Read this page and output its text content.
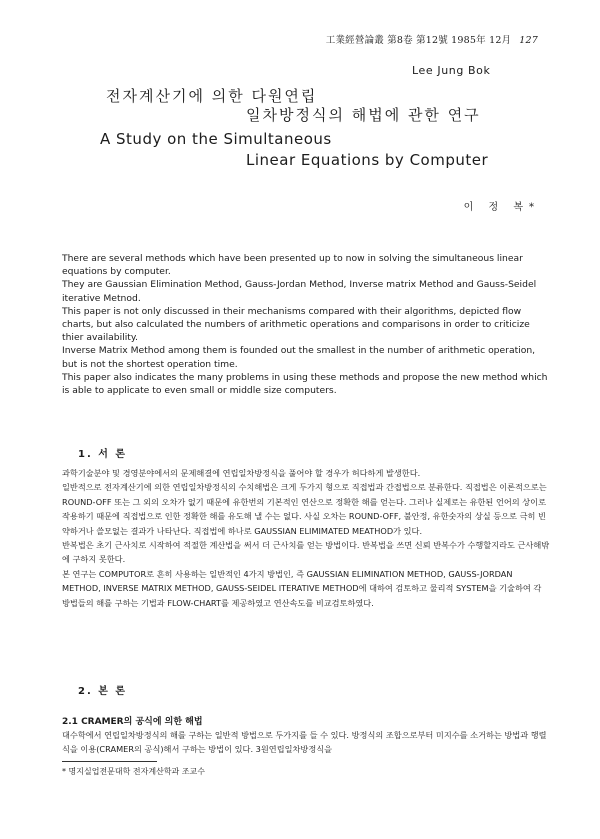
工業經營論叢 第8卷 第12號 1985年 12月 127
Lee Jung Bok
전자계산기에 의한 다원연립
일차방정식의 해법에 관한 연구
A Study on the Simultaneous
Linear Equations by Computer
이 정 복*

There are several methods which have been presented up to now in solving the simultaneous linear equations by computer.

They are Gaussian Elimination Method, Gauss-Jordan Method, Inverse matrix Method and Gauss-Seidel iterative Metnod.

This paper is not only discussed in their mechanisms compared with their algorithms, depicted flow charts, but also calculated the numbers of arithmetic operations and comparisons in order to criticize thier availability.

Inverse Matrix Method among them is founded out the smallest in the number of arithmetic operation, but is not the shortest operation time.

This paper also indicates the many problems in using these methods and propose the new method which is able to applicate to even small or middle size computers.

1. 서 론

과학기술분야 및 경영분야에서의 문제해결에 연립일차방정식을 풀어야 할 경우가 허다하게 발생한다.

일반적으로 전자계산기에 의한 연립일차방정식의 수치해법은 크게 두가지 형으로 직접법과 간접법으로 분류한다. 직접법은 이론적으로는 ROUND-OFF 또는 그 외의 오차가 없기 때문에 유한번의 기본적인 연산으로 정확한 해를 얻는다. 그러나 실제로는 유한된 언어의 상이로 작용하기 때문에 직접법으로 인한 정확한 해를 유도해 낼 수는 없다. 사실 오차는 ROUND-OFF, 불안정, 유한숫자의 상실 등으로 극히 빈약하거나 쓸모없는 결과가 나타난다. 직접법에 하나로 GAUSSIAN ELIMIMATED MEATHOD가 있다.

반복법은 초기 근사치로 시작하여 적절한 계산법을 써서 더 근사치를 얻는 방법이다. 반복법을 쓰면 신뢰 반복수가 수행할지라도 근사해밖에 구하지 못한다.

본 연구는 COMPUTOR로 흔히 사용하는 일반적인 4가지 방법인, 즉 GAUSSIAN ELIMINATION METHOD, GAUSS-JORDAN METHOD, INVERSE MATRIX METHOD, GAUSS-SEIDEL ITERATIVE METHOD에 대하여 검토하고 물리적 SYSTEM을 기술하여 각 방법들의 해를 구하는 기법과 FLOW-CHART를 제공하였고 연산속도를 비교검토하였다.

2. 본 론
2.1 CRAMER의 공식에 의한 해법

대수학에서 연립일차방정식의 해를 구하는 일반적 방법으로 두가지를 들 수 있다. 방정식의 조합으로부터 미지수를 소거하는 방법과 행렬식을 이용(CRAMER의 공식)해서 구하는 방법이 있다. 3원연립일차방정식을

* 명지실업전문대학 전자계산학과 조교수
